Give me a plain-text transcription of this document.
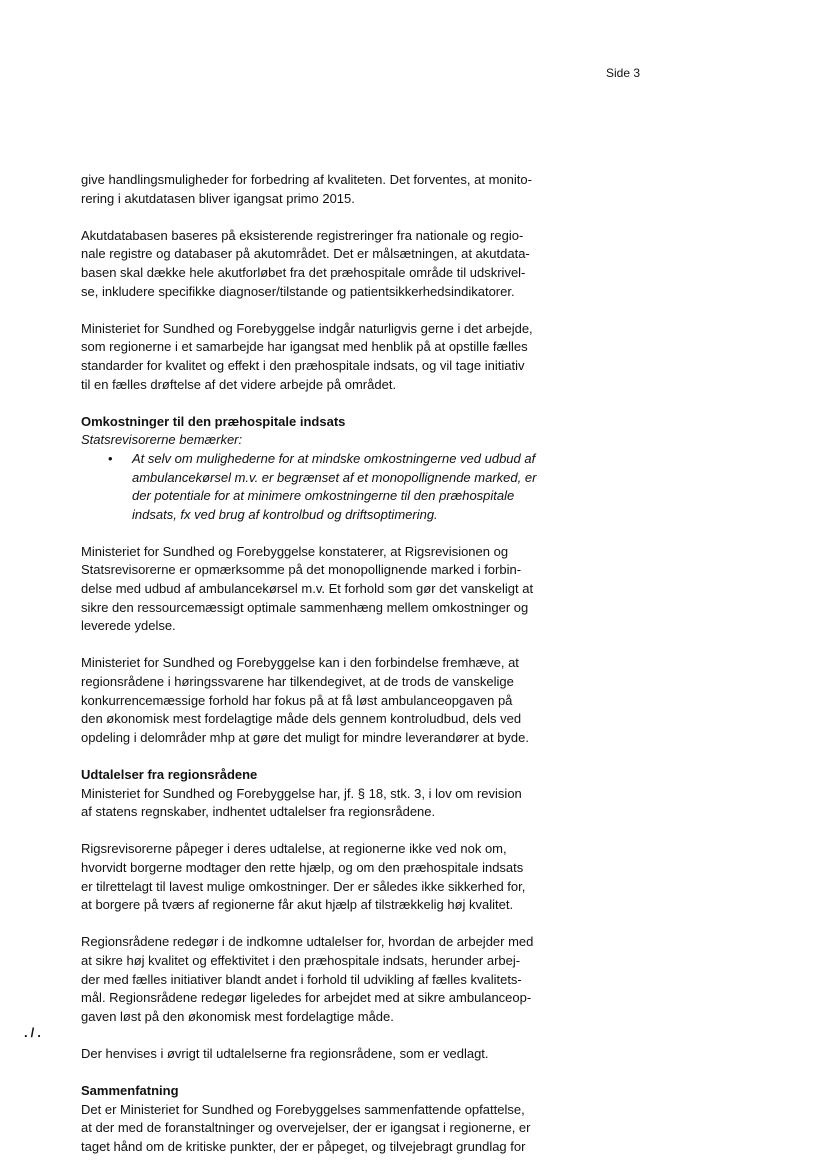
Side 3
./.

give handlingsmuligheder for forbedring af kvaliteten. Det forventes, at monito-
rering i akutdatasen bliver igangsat primo 2015.

Akutdatabasen baseres på eksisterende registreringer fra nationale og regio-
nale registre og databaser på akutområdet. Det er målsætningen, at akutdata-
basen skal dække hele akutforløbet fra det præhospitale område til udskrivel-
se, inkludere specifikke diagnoser/tilstande og patientsikkerhedsindikatorer.

Ministeriet for Sundhed og Forebyggelse indgår naturligvis gerne i det arbejde,
som regionerne i et samarbejde har igangsat med henblik på at opstille fælles
standarder for kvalitet og effekt i den præhospitale indsats, og vil tage initiativ
til en fælles drøftelse af det videre arbejde på området.

Omkostninger til den præhospitale indsats

Statsrevisorerne bemærker:

• At selv om mulighederne for at mindske omkostningerne ved udbud af
ambulancekørsel m.v. er begrænset af et monopollignende marked, er
der potentiale for at minimere omkostningerne til den præhospitale
indsats, fx ved brug af kontrolbud og driftsoptimering.

Ministeriet for Sundhed og Forebyggelse konstaterer, at Rigsrevisionen og
Statsrevisorerne er opmærksomme på det monopollignende marked i forbin-
delse med udbud af ambulancekørsel m.v. Et forhold som gør det vanskeligt at
sikre den ressourcemæssigt optimale sammenhæng mellem omkostninger og
leverede ydelse.

Ministeriet for Sundhed og Forebyggelse kan i den forbindelse fremhæve, at
regionsrådene i høringssvarene har tilkendegivet, at de trods de vanskelige
konkurrencemæssige forhold har fokus på at få løst ambulanceopgaven på
den økonomisk mest fordelagtige måde dels gennem kontroludbud, dels ved
opdeling i delområder mhp at gøre det muligt for mindre leverandører at byde.

Udtalelser fra regionsrådene

Ministeriet for Sundhed og Forebyggelse har, jf. § 18, stk. 3, i lov om revision
af statens regnskaber, indhentet udtalelser fra regionsrådene.

Rigsrevisorerne påpeger i deres udtalelse, at regionerne ikke ved nok om,
hvorvidt borgerne modtager den rette hjælp, og om den præhospitale indsats
er tilrettelagt til lavest mulige omkostninger. Der er således ikke sikkerhed for,
at borgere på tværs af regionerne får akut hjælp af tilstrækkelig høj kvalitet.

Regionsrådene redegør i de indkomne udtalelser for, hvordan de arbejder med
at sikre høj kvalitet og effektivitet i den præhospitale indsats, herunder arbej-
der med fælles initiativer blandt andet i forhold til udvikling af fælles kvalitets-
mål. Regionsrådene redegør ligeledes for arbejdet med at sikre ambulanceop-
gaven løst på den økonomisk mest fordelagtige måde.

Der henvises i øvrigt til udtalelserne fra regionsrådene, som er vedlagt.

Sammenfatning

Det er Ministeriet for Sundhed og Forebyggelses sammenfattende opfattelse,
at der med de foranstaltninger og overvejelser, der er igangsat i regionerne, er
taget hånd om de kritiske punkter, der er påpeget, og tilvejebragt grundlag for
